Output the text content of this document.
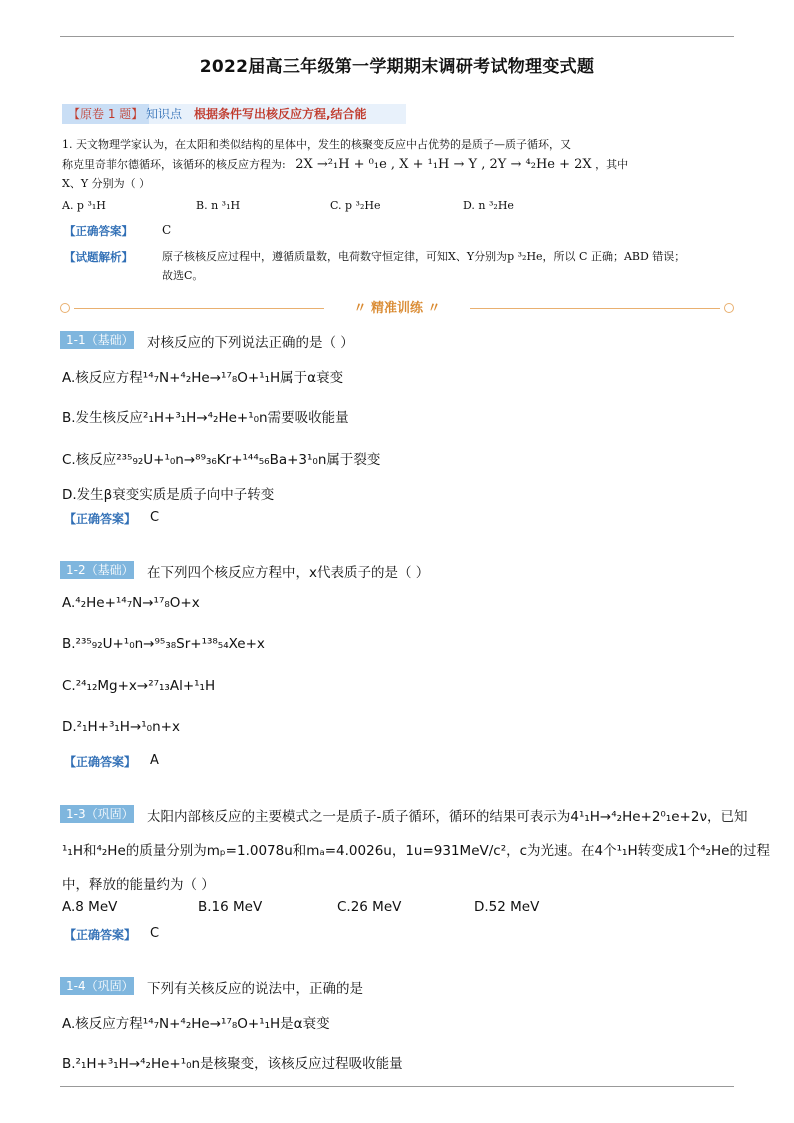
2022届高三年级第一学期期末调研考试物理变式题
【原卷 1 题】 知识点 根据条件写出核反应方程,结合能
1. 天文物理学家认为，在太阳和类似结构的星体中，发生的核聚变反应中占优势的是质子—质子循环，又
称克里奇菲尔德循环，该循环的核反应方程为: 2X →²₁H + ⁰₁e , X + ¹₁H → Y , 2Y → ⁴₂He + 2X ，其中
X、Y 分别为（ ）
A. p ³₁H	B. n ³₁H	C. p ³₂He	D. n ³₂He
【正确答案】 C
【试题解析】	原子核核反应过程中，遵循质量数，电荷数守恒定律，可知X、Y分别为p ³₂He，所以 C 正确；ABD 错误；
故选C。
〃 精准训练 〃
1-1（基础） 对核反应的下列说法正确的是（ ）
A.核反应方程¹⁴₇N+⁴₂He→¹⁷₈O+¹₁H属于α衰变
B.发生核反应²₁H+³₁H→⁴₂He+¹₀n需要吸收能量
C.核反应²³⁵₉₂U+¹₀n→⁸⁹₃₆Kr+¹⁴⁴₅₆Ba+3¹₀n属于裂变
D.发生β衰变实质是质子向中子转变
【正确答案】 C
1-2（基础） 在下列四个核反应方程中，x代表质子的是（ ）
A.⁴₂He+¹⁴₇N→¹⁷₈O+x
B.²³⁵₉₂U+¹₀n→⁹⁵₃₈Sr+¹³⁸₅₄Xe+x
C.²⁴₁₂Mg+x→²⁷₁₃Al+¹₁H
D.²₁H+³₁H→¹₀n+x
【正确答案】 A
1-3（巩固） 太阳内部核反应的主要模式之一是质子-质子循环，循环的结果可表示为4¹₁H→⁴₂He+2⁰₁e+2ν，已知
¹₁H和⁴₂He的质量分别为mₚ=1.0078u和mₐ=4.0026u，1u=931MeV/c²，c为光速。在4个¹₁H转变成1个⁴₂He的过程
中，释放的能量约为（ ）
A.8 MeV	B.16 MeV	C.26 MeV	D.52 MeV
【正确答案】 C
1-4（巩固） 下列有关核反应的说法中，正确的是
A.核反应方程¹⁴₇N+⁴₂He→¹⁷₈O+¹₁H是α衰变
B.²₁H+³₁H→⁴₂He+¹₀n是核聚变，该核反应过程吸收能量
